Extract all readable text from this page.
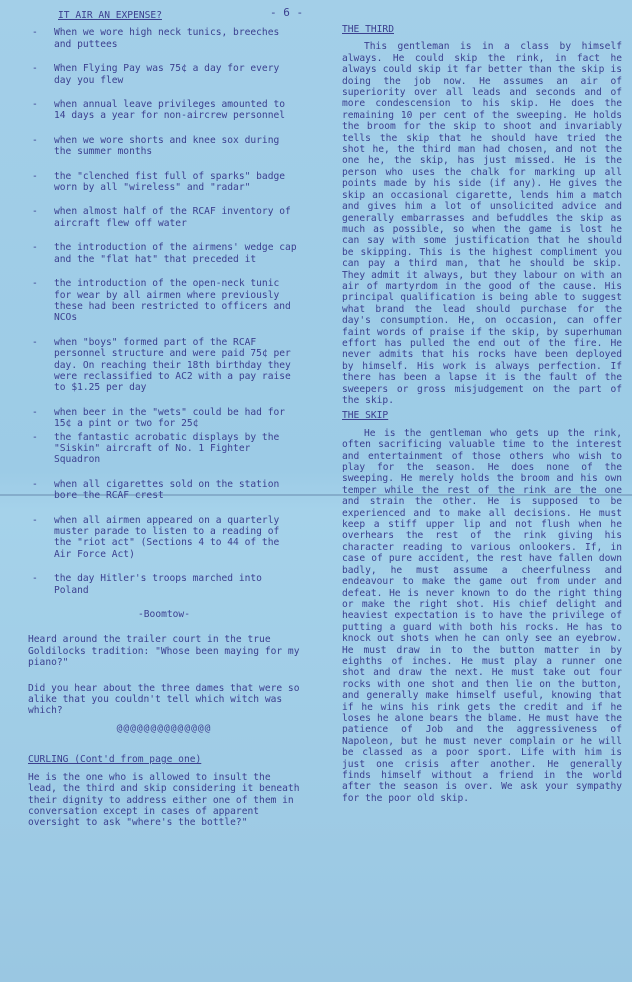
- 6 -
IT AIR AN EXPENSE?
- When we wore high neck tunics, breeches and puttees
- When Flying Pay was 75¢ a day for every day you flew
- when annual leave privileges amounted to 14 days a year for non-aircrew personnel
- when we wore shorts and knee sox during the summer months
- the "clenched fist full of sparks" badge worn by all "wireless" and "radar"
- when almost half of the RCAF inventory of aircraft flew off water
- the introduction of the airmens' wedge cap and the "flat hat" that preceded it
- the introduction of the open-neck tunic for wear by all airmen where previously these had been restricted to officers and NCOs
- when "boys" formed part of the RCAF personnel structure and were paid 75¢ per day. On reaching their 18th birthday they were reclassified to AC2 with a pay raise to $1.25 per day
- when beer in the "wets" could be had for 15¢ a pint or two for 25¢
- the fantastic acrobatic displays by the "Siskin" aircraft of No. 1 Fighter Squadron
- when all cigarettes sold on the station bore the RCAF crest
- when all airmen appeared on a quarterly muster parade to listen to a reading of the "riot act" (Sections 4 to 44 of the Air Force Act)
- the day Hitler's troops marched into Poland
-Boomtow-
Heard around the trailer court in the true Goldilocks tradition: "Whose been maying for my piano?"
Did you hear about the three dames that were so alike that you couldn't tell which witch was which?
@@@@@@@@@@@@@@
CURLING (Cont'd from page one)
He is the one who is allowed to insult the lead, the third and skip considering it beneath their dignity to address either one of them in conversation except in cases of apparent oversight to ask "where's the bottle?"
THE THIRD

This gentleman is in a class by himself always. He could skip the rink, in fact he always could skip it far better than the skip is doing the job now. He assumes an air of superiority over all leads and seconds and of more condescension to his skip. He does the remaining 10 per cent of the sweeping. He holds the broom for the skip to shoot and invariably tells the skip that he should have tried the shot he, the third man had chosen, and not the one he, the skip, has just missed. He is the person who uses the chalk for marking up all points made by his side (if any). He gives the skip an occasional cigarette, lends him a match and gives him a lot of unsolicited advice and generally embarrasses and befuddles the skip as much as possible, so when the game is lost he can say with some justification that he should be skipping. This is the highest compliment you can pay a third man, that he should be skip. They admit it always, but they labour on with an air of martyrdom in the good of the cause. His principal qualification is being able to suggest what brand the lead should purchase for the day's consumption. He, on occasion, can offer faint words of praise if the skip, by superhuman effort has pulled the end out of the fire. He never admits that his rocks have been deployed by himself. His work is always perfection. If there has been a lapse it is the fault of the sweepers or gross misjudgement on the part of the skip.

THE SKIP

He is the gentleman who gets up the rink, often sacrificing valuable time to the interest and entertainment of those others who wish to play for the season. He does none of the sweeping. He merely holds the broom and his own temper while the rest of the rink are the one and strain the other. He is supposed to be experienced and to make all decisions. He must keep a stiff upper lip and not flush when he overhears the rest of the rink giving his character reading to various onlookers. If, in case of pure accident, the rest have fallen down badly, he must assume a cheerfulness and endeavour to make the game out from under and defeat. He is never known to do the right thing or make the right shot. His chief delight and heaviest expectation is to have the privilege of putting a guard with both his rocks. He has to knock out shots when he can only see an eyebrow. He must draw in to the button matter in by eighths of inches. He must play a runner one shot and draw the next. He must take out four rocks with one shot and then lie on the button, and generally make himself useful, knowing that if he wins his rink gets the credit and if he loses he alone bears the blame. He must have the patience of Job and the aggressiveness of Napoleon, but he must never complain or he will be classed as a poor sport. Life with him is just one crisis after another. He generally finds himself without a friend in the world after the season is over. We ask your sympathy for the poor old skip.
